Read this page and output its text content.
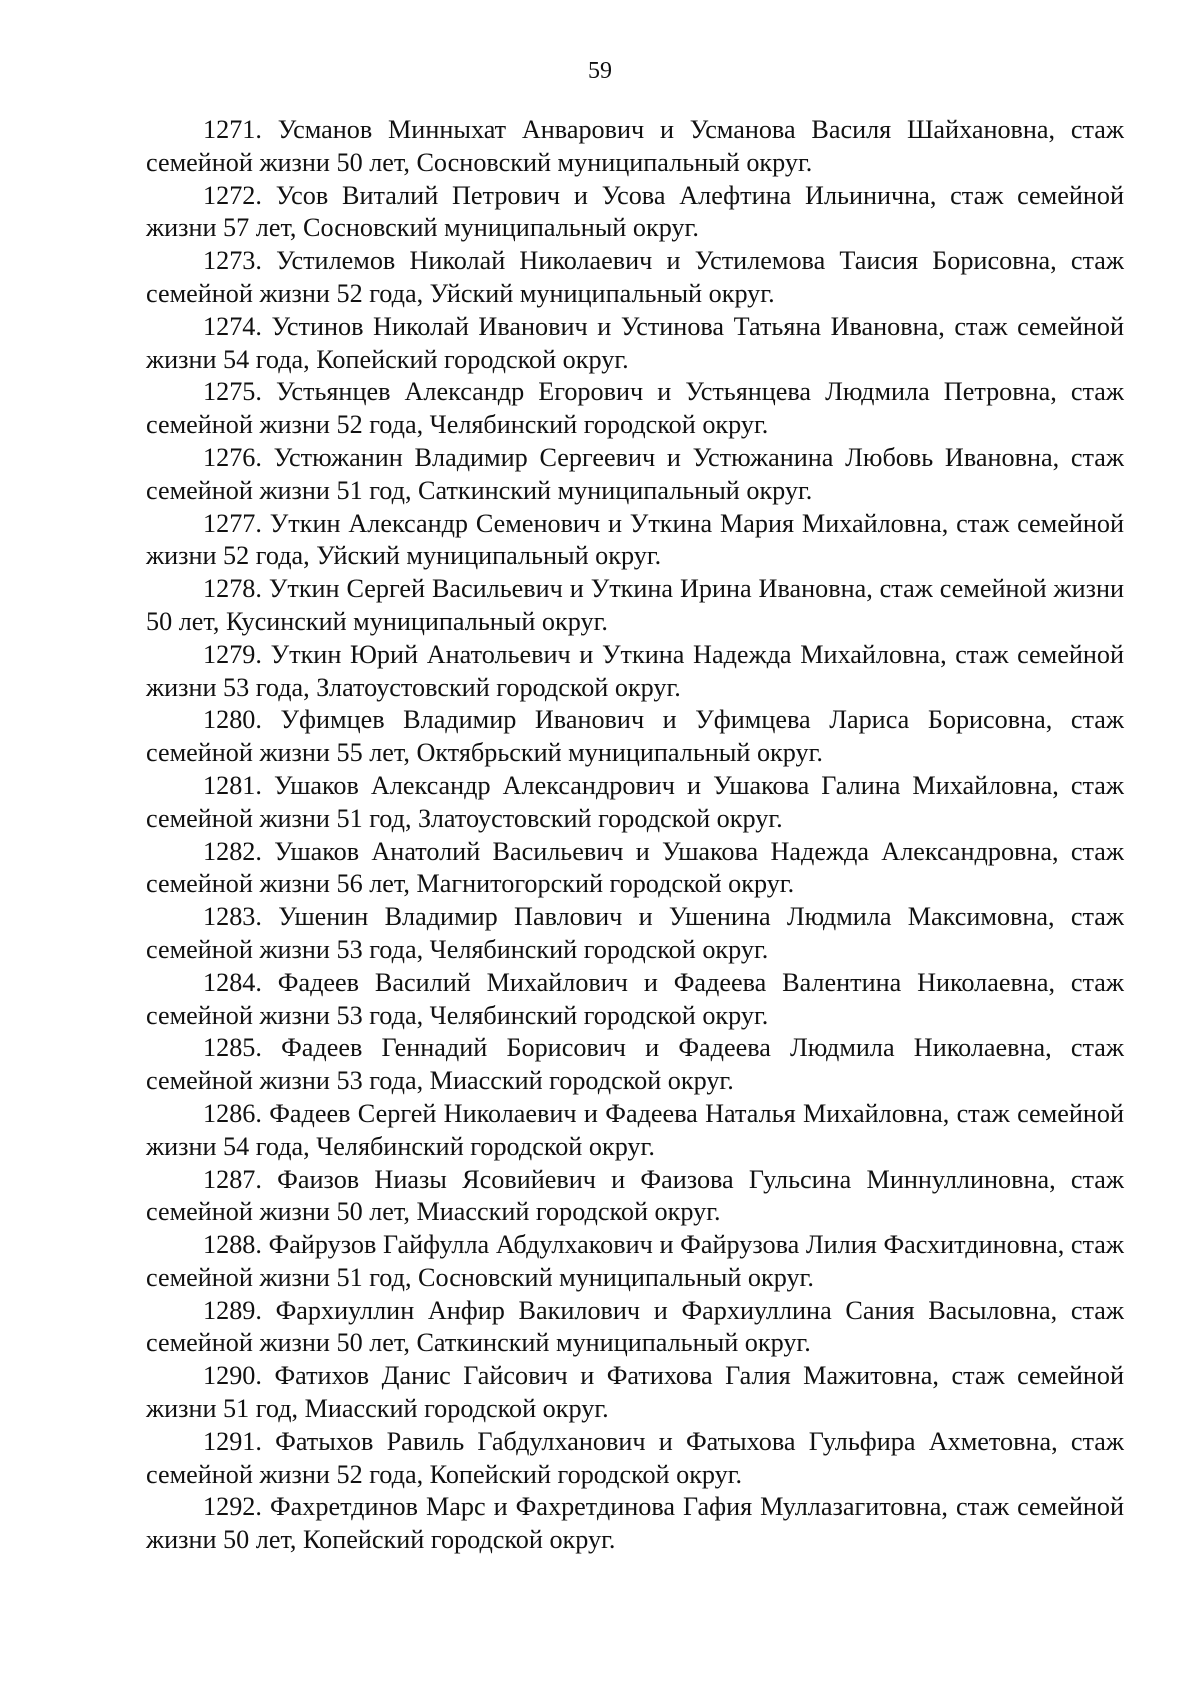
59

1271. Усманов Минныхат Анварович и Усманова Василя Шайхановна, стаж семейной жизни 50 лет, Сосновский муниципальный округ.

1272. Усов Виталий Петрович и Усова Алефтина Ильинична, стаж семейной жизни 57 лет, Сосновский муниципальный округ.

1273. Устилемов Николай Николаевич и Устилемова Таисия Борисовна, стаж семейной жизни 52 года, Уйский муниципальный округ.

1274. Устинов Николай Иванович и Устинова Татьяна Ивановна, стаж семейной жизни 54 года, Копейский городской округ.

1275. Устьянцев Александр Егорович и Устьянцева Людмила Петровна, стаж семейной жизни 52 года, Челябинский городской округ.

1276. Устюжанин Владимир Сергеевич и Устюжанина Любовь Ивановна, стаж семейной жизни 51 год, Саткинский муниципальный округ.

1277. Уткин Александр Семенович и Уткина Мария Михайловна, стаж семейной жизни 52 года, Уйский муниципальный округ.

1278. Уткин Сергей Васильевич и Уткина Ирина Ивановна, стаж семейной жизни 50 лет, Кусинский муниципальный округ.

1279. Уткин Юрий Анатольевич и Уткина Надежда Михайловна, стаж семейной жизни 53 года, Златоустовский городской округ.

1280. Уфимцев Владимир Иванович и Уфимцева Лариса Борисовна, стаж семейной жизни 55 лет, Октябрьский муниципальный округ.

1281. Ушаков Александр Александрович и Ушакова Галина Михайловна, стаж семейной жизни 51 год, Златоустовский городской округ.

1282. Ушаков Анатолий Васильевич и Ушакова Надежда Александровна, стаж семейной жизни 56 лет, Магнитогорский городской округ.

1283. Ушенин Владимир Павлович и Ушенина Людмила Максимовна, стаж семейной жизни 53 года, Челябинский городской округ.

1284. Фадеев Василий Михайлович и Фадеева Валентина Николаевна, стаж семейной жизни 53 года, Челябинский городской округ.

1285. Фадеев Геннадий Борисович и Фадеева Людмила Николаевна, стаж семейной жизни 53 года, Миасский городской округ.

1286. Фадеев Сергей Николаевич и Фадеева Наталья Михайловна, стаж семейной жизни 54 года, Челябинский городской округ.

1287. Фаизов Ниазы Ясовийевич и Фаизова Гульсина Миннуллиновна, стаж семейной жизни 50 лет, Миасский городской округ.

1288. Файрузов Гайфулла Абдулхакович и Файрузова Лилия Фасхитдиновна, стаж семейной жизни 51 год, Сосновский муниципальный округ.

1289. Фархиуллин Анфир Вакилович и Фархиуллина Сания Васыловна, стаж семейной жизни 50 лет, Саткинский муниципальный округ.

1290. Фатихов Данис Гайсович и Фатихова Галия Мажитовна, стаж семейной жизни 51 год, Миасский городской округ.

1291. Фатыхов Равиль Габдулханович и Фатыхова Гульфира Ахметовна, стаж семейной жизни 52 года, Копейский городской округ.

1292. Фахретдинов Марс и Фахретдинова Гафия Муллазагитовна, стаж семейной жизни 50 лет, Копейский городской округ.
